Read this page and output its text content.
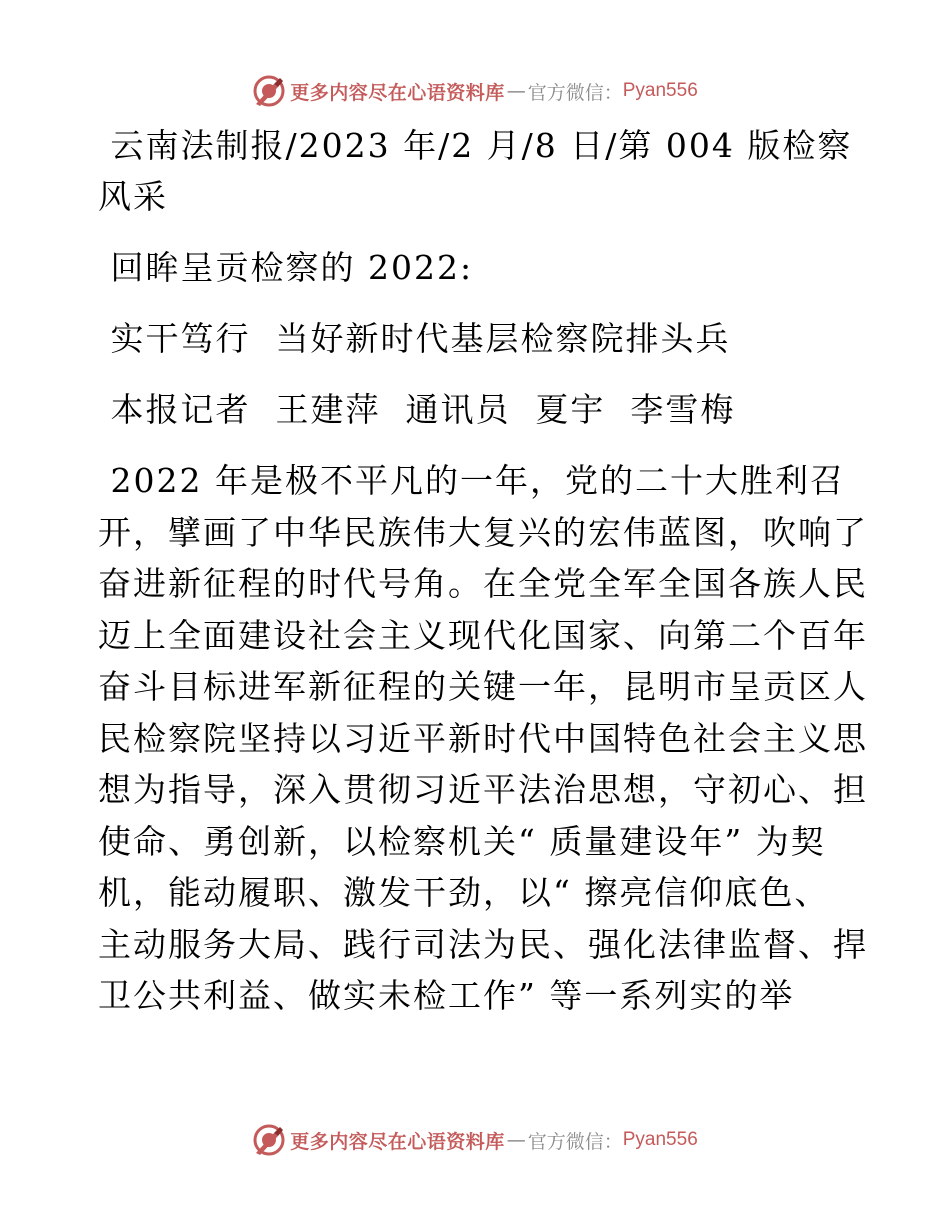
更多内容尽在心语资料库 — 官方微信： Pyan556
云南法制报/2023 年/2 月/8 日/第 004 版检察
风采
回眸呈贡检察的 2022:
实干笃行  当好新时代基层检察院排头兵
本报记者  王建萍  通讯员  夏宇  李雪梅
2022 年是极不平凡的一年，党的二十大胜利召
开，擘画了中华民族伟大复兴的宏伟蓝图，吹响了
奋进新征程的时代号角。在全党全军全国各族人民
迈上全面建设社会主义现代化国家、向第二个百年
奋斗目标进军新征程的关键一年，昆明市呈贡区人
民检察院坚持以习近平新时代中国特色社会主义思
想为指导，深入贯彻习近平法治思想，守初心、担
使命、勇创新，以检察机关“ 质量建设年” 为契
机，能动履职、激发干劲，以“ 擦亮信仰底色、
主动服务大局、践行司法为民、强化法律监督、捍
卫公共利益、做实未检工作” 等一系列实的举
更多内容尽在心语资料库 — 官方微信： Pyan556
